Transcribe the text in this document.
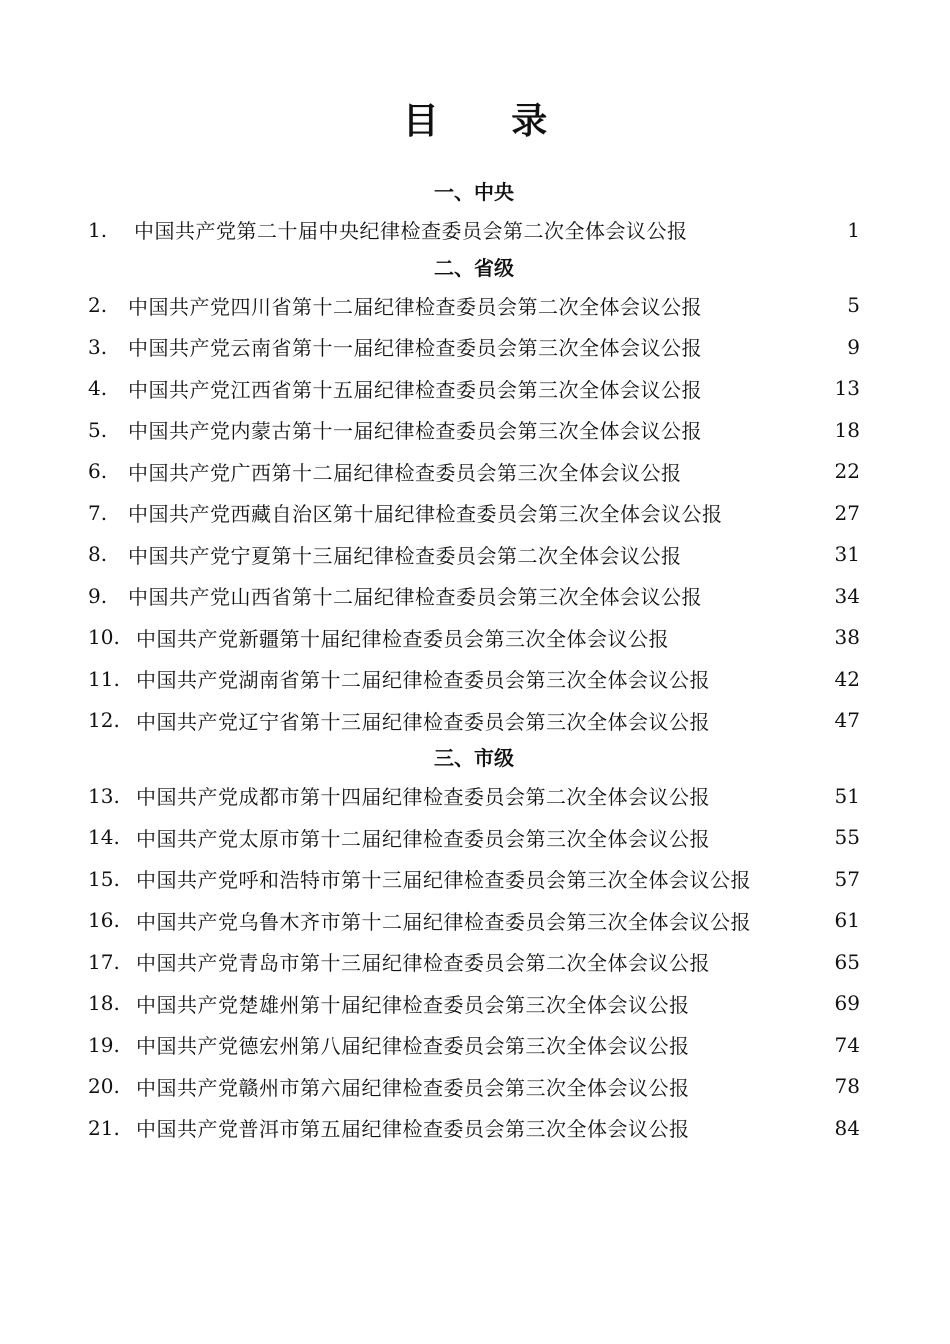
目 录
一、中央
1.	中国共产党第二十届中央纪律检查委员会第二次全体会议公报	1
二、省级
2.	中国共产党四川省第十二届纪律检查委员会第二次全体会议公报	5
3.	中国共产党云南省第十一届纪律检查委员会第三次全体会议公报	9
4.	中国共产党江西省第十五届纪律检查委员会第三次全体会议公报	13
5.	中国共产党内蒙古第十一届纪律检查委员会第三次全体会议公报	18
6.	中国共产党广西第十二届纪律检查委员会第三次全体会议公报	22
7.	中国共产党西藏自治区第十届纪律检查委员会第三次全体会议公报	27
8.	中国共产党宁夏第十三届纪律检查委员会第二次全体会议公报	31
9.	中国共产党山西省第十二届纪律检查委员会第三次全体会议公报	34
10. 中国共产党新疆第十届纪律检查委员会第三次全体会议公报	38
11. 中国共产党湖南省第十二届纪律检查委员会第三次全体会议公报	42
12. 中国共产党辽宁省第十三届纪律检查委员会第三次全体会议公报	47
三、市级
13. 中国共产党成都市第十四届纪律检查委员会第二次全体会议公报	51
14. 中国共产党太原市第十二届纪律检查委员会第三次全体会议公报	55
15. 中国共产党呼和浩特市第十三届纪律检查委员会第三次全体会议公报	57
16. 中国共产党乌鲁木齐市第十二届纪律检查委员会第三次全体会议公报	61
17. 中国共产党青岛市第十三届纪律检查委员会第二次全体会议公报	65
18. 中国共产党楚雄州第十届纪律检查委员会第三次全体会议公报	69
19. 中国共产党德宏州第八届纪律检查委员会第三次全体会议公报	74
20. 中国共产党赣州市第六届纪律检查委员会第三次全体会议公报	78
21. 中国共产党普洱市第五届纪律检查委员会第三次全体会议公报	84
